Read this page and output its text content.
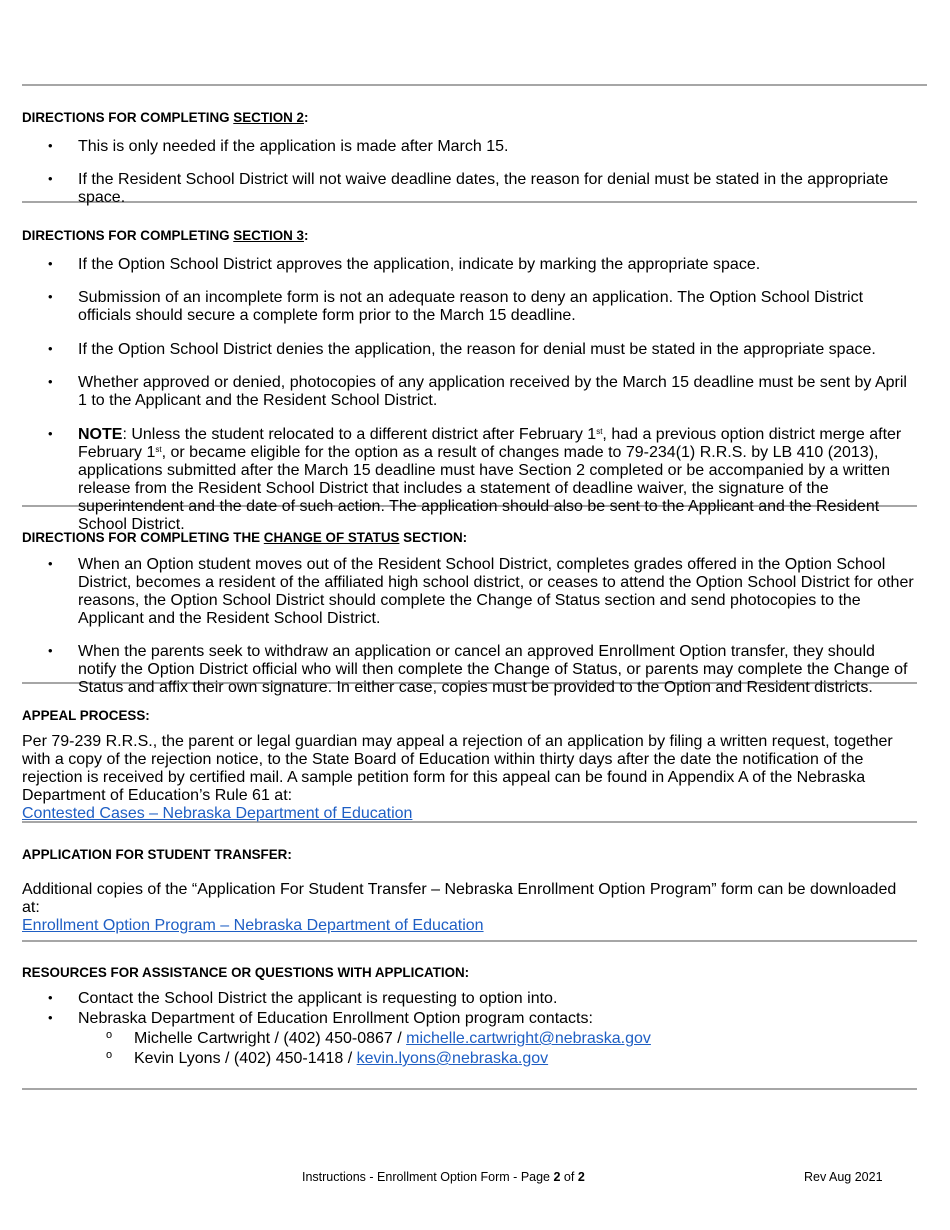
DIRECTIONS FOR COMPLETING SECTION 2:
• This is only needed if the application is made after March 15.
• If the Resident School District will not waive deadline dates, the reason for denial must be stated in the appropriate space.
DIRECTIONS FOR COMPLETING SECTION 3:
• If the Option School District approves the application, indicate by marking the appropriate space.
• Submission of an incomplete form is not an adequate reason to deny an application. The Option School District officials should secure a complete form prior to the March 15 deadline.
• If the Option School District denies the application, the reason for denial must be stated in the appropriate space.
• Whether approved or denied, photocopies of any application received by the March 15 deadline must be sent by April 1 to the Applicant and the Resident School District.
• NOTE: Unless the student relocated to a different district after February 1st, had a previous option district merge after February 1st, or became eligible for the option as a result of changes made to 79-234(1) R.R.S. by LB 410 (2013), applications submitted after the March 15 deadline must have Section 2 completed or be accompanied by a written release from the Resident School District that includes a statement of deadline waiver, the signature of the superintendent and the date of such action. The application should also be sent to the Applicant and the Resident School District.
DIRECTIONS FOR COMPLETING THE CHANGE OF STATUS SECTION:
• When an Option student moves out of the Resident School District, completes grades offered in the Option School District, becomes a resident of the affiliated high school district, or ceases to attend the Option School District for other reasons, the Option School District should complete the Change of Status section and send photocopies to the Applicant and the Resident School District.
• When the parents seek to withdraw an application or cancel an approved Enrollment Option transfer, they should notify the Option District official who will then complete the Change of Status, or parents may complete the Change of Status and affix their own signature. In either case, copies must be provided to the Option and Resident districts.
APPEAL PROCESS:

Per 79-239 R.R.S., the parent or legal guardian may appeal a rejection of an application by filing a written request, together with a copy of the rejection notice, to the State Board of Education within thirty days after the date the notification of the rejection is received by certified mail. A sample petition form for this appeal can be found in Appendix A of the Nebraska Department of Education’s Rule 61 at:

Contested Cases – Nebraska Department of Education

APPLICATION FOR STUDENT TRANSFER:

Additional copies of the “Application For Student Transfer – Nebraska Enrollment Option Program” form can be downloaded at:

Enrollment Option Program – Nebraska Department of Education

RESOURCES FOR ASSISTANCE OR QUESTIONS WITH APPLICATION:
• Contact the School District the applicant is requesting to option into.
• Nebraska Department of Education Enrollment Option program contacts:
o Michelle Cartwright / (402) 450-0867 / michelle.cartwright@nebraska.gov
o Kevin Lyons / (402) 450-1418 / kevin.lyons@nebraska.gov
Instructions - Enrollment Option Form - Page 2 of 2	Rev Aug 2021
